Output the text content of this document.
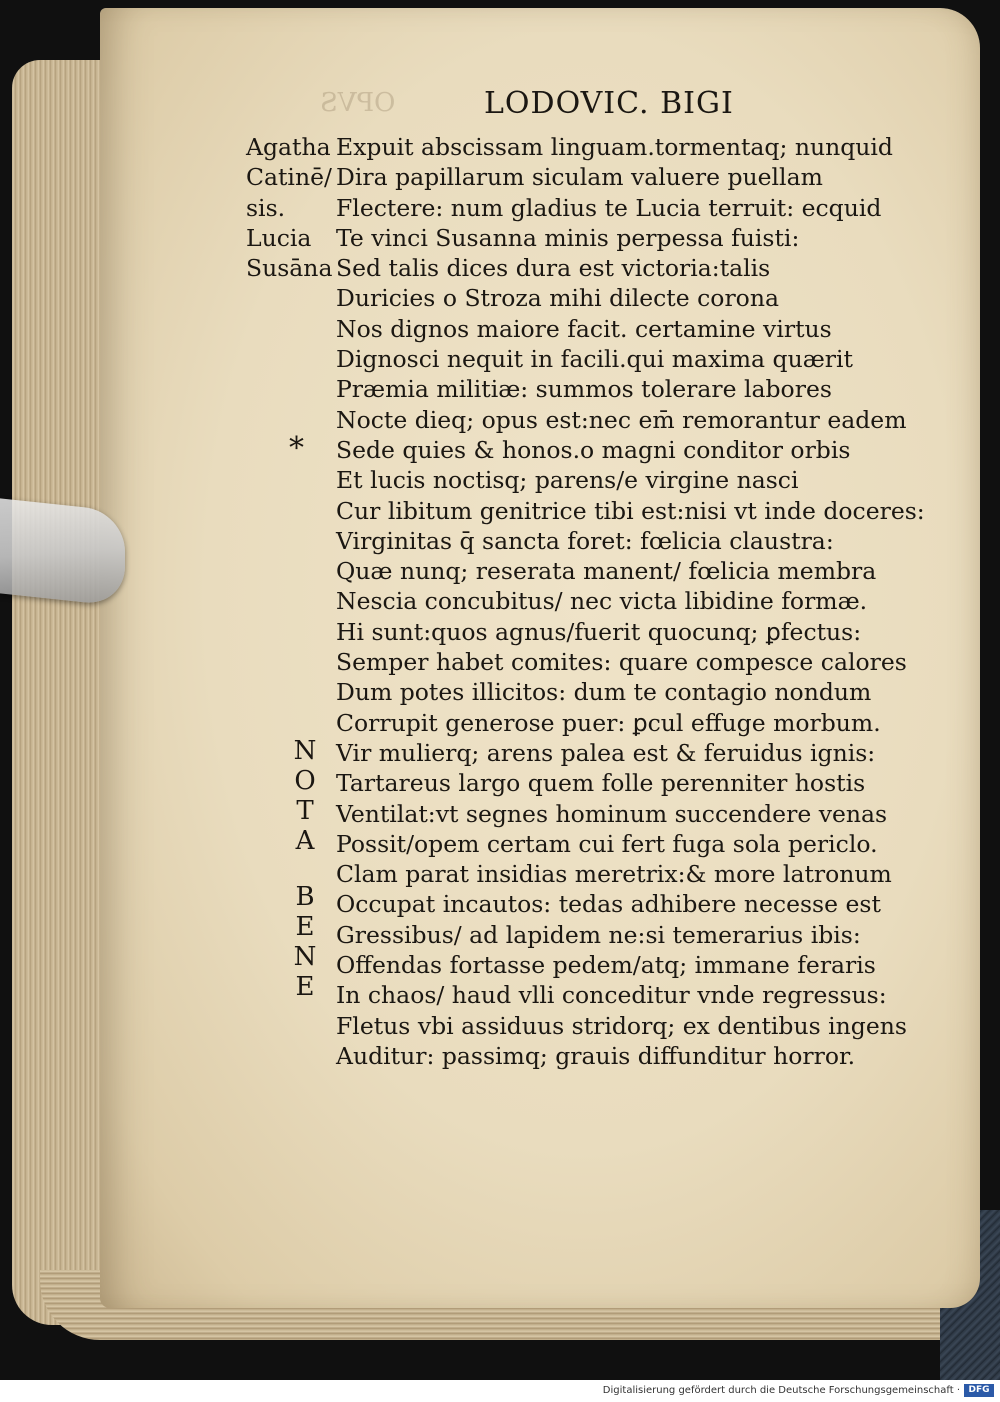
OPVS	LODOVIC. BIGI
Agatha
Catinē/
sis.
Lucia
Susāna
*
N
O
T
A
B
E
N
E
Expuit abscissam linguam.tormentaq; nunquid
Dira papillarum siculam valuere puellam
Flectere: num gladius te Lucia terruit: ecquid
Te vinci Susanna minis perpessa fuisti:
Sed talis dices dura est victoria:talis
Duricies o Stroza mihi dilecte corona
Nos dignos maiore facit. certamine virtus
Dignosci nequit in facili.qui maxima quærit
Præmia militiæ: summos tolerare labores
Nocte dieq; opus est:nec em̄ remorantur eadem
Sede quies & honos.o magni conditor orbis
Et lucis noctisq; parens/e virgine nasci
Cur libitum genitrice tibi est:nisi vt inde doceres:
Virginitas q̄ sancta foret: fœlicia claustra:
Quæ nunq; reserata manent/ fœlicia membra
Nescia concubitus/ nec victa libidine formæ.
Hi sunt:quos agnus/fuerit quocunq; ꝑfectus:
Semper habet comites: quare compesce calores
Dum potes illicitos: dum te contagio nondum
Corrupit generose puer: ꝑcul effuge morbum.
Vir mulierq; arens palea est & feruidus ignis:
Tartareus largo quem folle perenniter hostis
Ventilat:vt segnes hominum succendere venas
Possit/opem certam cui fert fuga sola periclo.
Clam parat insidias meretrix:& more latronum
Occupat incautos: tedas adhibere necesse est
Gressibus/ ad lapidem ne:si temerarius ibis:
Offendas fortasse pedem/atq; immane feraris
In chaos/ haud vlli conceditur vnde regressus:
Fletus vbi assiduus stridorq; ex dentibus ingens
Auditur: passimq; grauis diffunditur horror.
Digitalisierung gefördert durch die Deutsche Forschungsgemeinschaft · DFG
